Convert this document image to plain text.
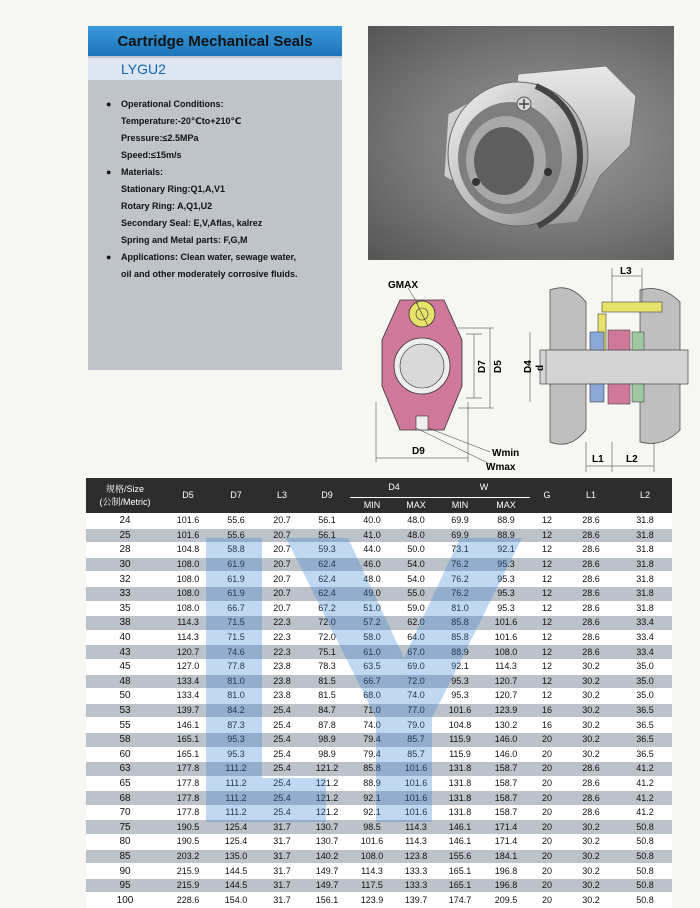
Cartridge Mechanical Seals
LYGU2
● Operational Conditions:
Temperature:-20℃to+210℃
Pressure:≤2.5MPa
Speed:≤15m/s
● Materials:
Stationary Ring:Q1,A,V1
Rotary Ring: A,Q1,U2
Secondary Seal: E,V,Aflas, kalrez
Spring and Metal parts: F,G,M
● Applications: Clean water, sewage water,
oil and other moderately corrosive fluids.
GMAX
D7 D5
D9	Wmin
Wmax
L3
D4 d
L1 L2
规格/Size
(公制/Metric)	D5	D7	L3	D9	D4		W		G	L1	L2
					MIN	MAX	MIN	MAX			
24	101.6	55.6	20.7	56.1	40.0	48.0	69.9	88.9	12	28.6	31.8
25	101.6	55.6	20.7	56.1	41.0	48.0	69.9	88.9	12	28.6	31.8
28	104.8	58.8	20.7	59.3	44.0	50.0	73.1	92.1	12	28.6	31.8
30	108.0	61.9	20.7	62.4	46.0	54.0	76.2	95.3	12	28.6	31.8
32	108.0	61.9	20.7	62.4	48.0	54.0	76.2	95.3	12	28.6	31.8
33	108.0	61.9	20.7	62.4	49.0	55.0	76.2	95.3	12	28.6	31.8
35	108.0	66.7	20.7	67.2	51.0	59.0	81.0	95.3	12	28.6	31.8
38	114.3	71.5	22.3	72.0	57.2	62.0	85.8	101.6	12	28.6	33.4
40	114.3	71.5	22.3	72.0	58.0	64.0	85.8	101.6	12	28.6	33.4
43	120.7	74.6	22.3	75.1	61.0	67.0	88.9	108.0	12	28.6	33.4
45	127.0	77.8	23.8	78.3	63.5	69.0	92.1	114.3	12	30.2	35.0
48	133.4	81.0	23.8	81.5	66.7	72.0	95.3	120.7	12	30.2	35.0
50	133.4	81.0	23.8	81.5	68.0	74.0	95.3	120.7	12	30.2	35.0
53	139.7	84.2	25.4	84.7	71.0	77.0	101.6	123.9	16	30.2	36.5
55	146.1	87.3	25.4	87.8	74.0	79.0	104.8	130.2	16	30.2	36.5
58	165.1	95.3	25.4	98.9	79.4	85.7	115.9	146.0	20	30.2	36.5
60	165.1	95.3	25.4	98.9	79.4	85.7	115.9	146.0	20	30.2	36.5
63	177.8	111.2	25.4	121.2	85.8	101.6	131.8	158.7	20	28.6	41.2
65	177.8	111.2	25.4	121.2	88.9	101.6	131.8	158.7	20	28.6	41.2
68	177.8	111.2	25.4	121.2	92.1	101.6	131.8	158.7	20	28.6	41.2
70	177.8	111.2	25.4	121.2	92.1	101.6	131.8	158.7	20	28.6	41.2
75	190.5	125.4	31.7	130.7	98.5	114.3	146.1	171.4	20	30.2	50.8
80	190.5	125.4	31.7	130.7	101.6	114.3	146.1	171.4	20	30.2	50.8
85	203.2	135.0	31.7	140.2	108.0	123.8	155.6	184.1	20	30.2	50.8
90	215.9	144.5	31.7	149.7	114.3	133.3	165.1	196.8	20	30.2	50.8
95	215.9	144.5	31.7	149.7	117.5	133.3	165.1	196.8	20	30.2	50.8
100	228.6	154.0	31.7	156.1	123.9	139.7	174.7	209.5	20	30.2	50.8
